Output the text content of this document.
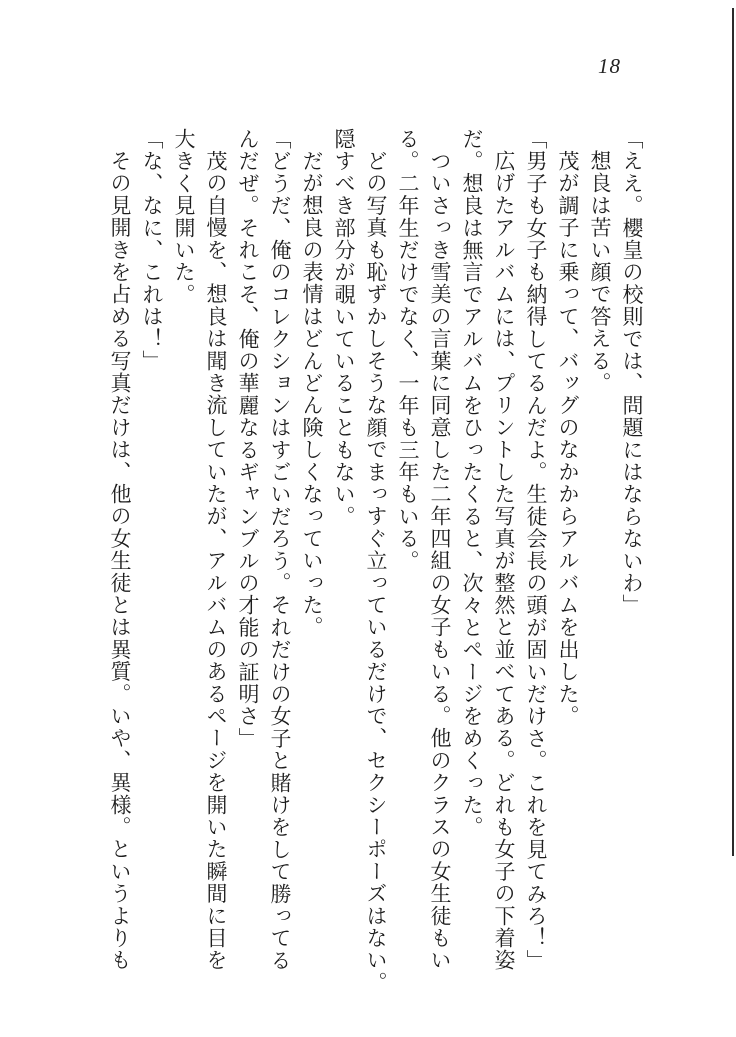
18

「ええ。櫻皇の校則では、問題にはならないわ」

想良は苦い顔で答える。

茂が調子に乗って、バッグのなかからアルバムを出した。

「男子も女子も納得してるんだよ。生徒会長の頭が固いだけさ。これを見てみろ！」

広げたアルバムには、プリントした写真が整然と並べてある。どれも女子の下着姿

だ。想良は無言でアルバムをひったくると、次々とページをめくった。

ついさっき雪美の言葉に同意した二年四組の女子もいる。他のクラスの女生徒もい

る。二年生だけでなく、一年も三年もいる。

どの写真も恥ずかしそうな顔でまっすぐ立っているだけで、セクシーポーズはない。

隠すべき部分が覗いていることもない。

だが想良の表情はどんどん険しくなっていった。

「どうだ、俺のコレクションはすごいだろう。それだけの女子と賭けをして勝ってる

んだぜ。それこそ、俺の華麗なるギャンブルの才能の証明さ」

茂の自慢を、想良は聞き流していたが、アルバムのあるページを開いた瞬間に目を

大きく見開いた。

「な、なに、これは！」

その見開きを占める写真だけは、他の女生徒とは異質。いや、異様。というよりも
